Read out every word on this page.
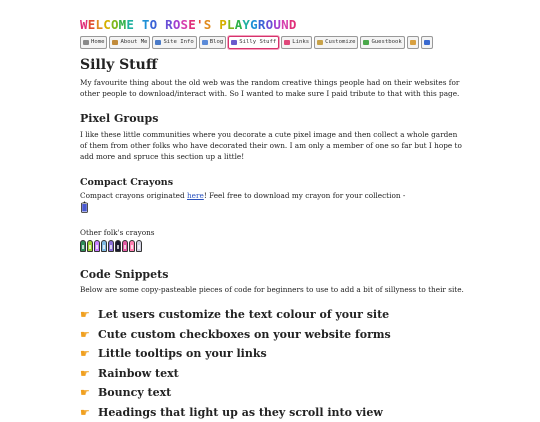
WELCOME TO ROSE'S PLAYGROUND
Home	About Me	Site Info	Blog	Silly Stuff	Links	Customize	Guestbook
Silly Stuff

My favourite thing about the old web was the random creative things people had on their websites for other people to download/interact with. So I wanted to make sure I paid tribute to that with this page.

Pixel Groups

I like these little communities where you decorate a cute pixel image and then collect a whole garden of them from other folks who have decorated their own. I am only a member of one so far but I hope to add more and spruce this section up a little!

Compact Crayons

Compact crayons originated here! Feel free to download my crayon for your collection -

Other folk's crayons

Code Snippets

Below are some copy-pasteable pieces of code for beginners to use to add a bit of sillyness to their site.

☛ Let users customize the text colour of your site
☛ Cute custom checkboxes on your website forms
☛ Little tooltips on your links
☛ Rainbow text
☛ Bouncy text
☛ Headings that light up as they scroll into view
